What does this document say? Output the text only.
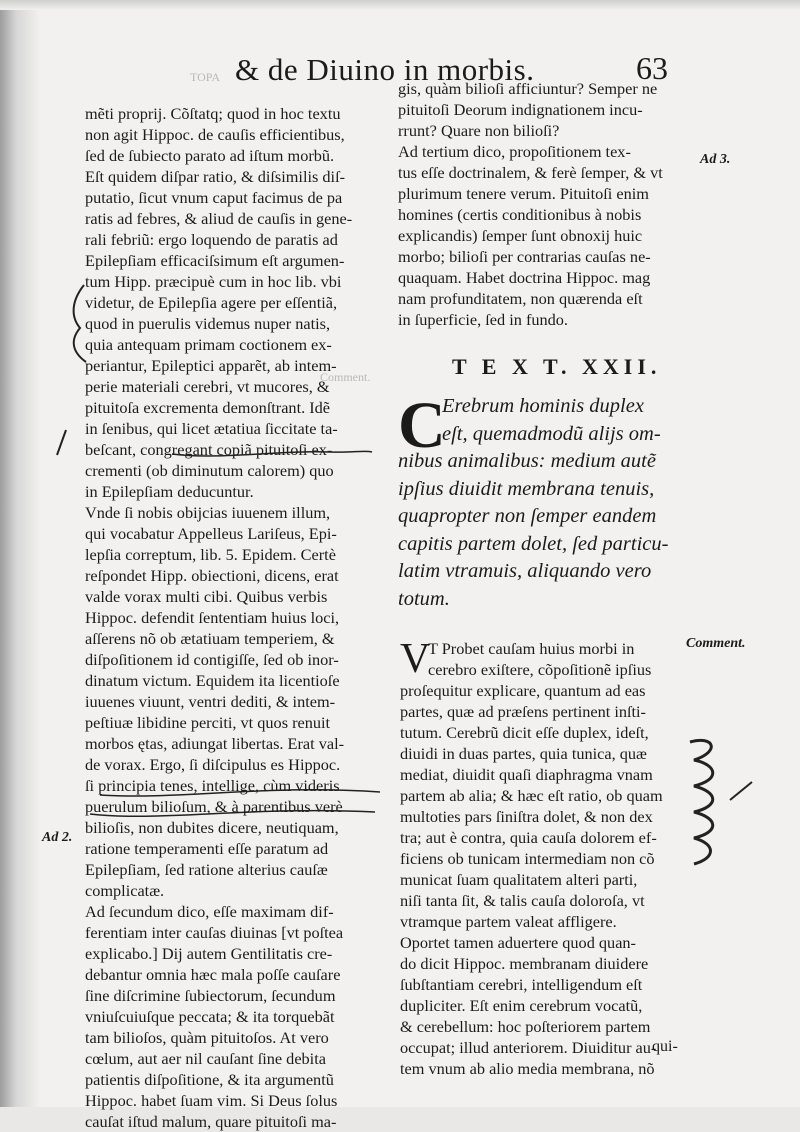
ΤΟΡΑ
Comment.
& de Diuino in morbis.	63
mẽti proprij. Cõſtatq; quod in hoc textu
non agit Hippoc. de cauſis efficientibus,
ſed de ſubiecto parato ad iſtum morbũ.
Eſt quidem diſpar ratio, & diſsimilis diſ-
putatio, ſicut vnum caput facimus de pa
ratis ad febres, & aliud de cauſis in gene-
rali febriũ: ergo loquendo de paratis ad
Epilepſiam efficaciſsimum eſt argumen-
tum Hipp. præcipuè cum in hoc lib. vbi
videtur, de Epilepſia agere per eſſentiã,
quod in puerulis videmus nuper natis,
quia antequam primam coctionem ex-
periantur, Epileptici apparẽt, ab intem-
perie materiali cerebri, vt mucores, &
pituitoſa excrementa demonſtrant. Idẽ
in ſenibus, qui licet ætatiua ſiccitate ta-
beſcant, congregant copiã pituitoſi ex-
crementi (ob diminutum calorem) quo
in Epilepſiam deducuntur.
Vnde ſi nobis obijcias iuuenem illum,
qui vocabatur Appelleus Lariſeus, Epi-
lepſia correptum, lib. 5. Epidem. Certè
reſpondet Hipp. obiectioni, dicens, erat
valde vorax multi cibi. Quibus verbis
Hippoc. defendit ſententiam huius loci,
aſſerens nõ ob ætatiuam temperiem, &
diſpoſitionem id contigiſſe, ſed ob inor-
dinatum victum. Equidem ita licentioſe
iuuenes viuunt, ventri dediti, & intem-
peſtiuæ libidine perciti, vt quos renuit
morbos ętas, adiungat libertas. Erat val-
de vorax. Ergo, ſi diſcipulus es Hippoc.
ſi principia tenes, intellige, cùm videris
puerulum bilioſum, & à parentibus verè
bilioſis, non dubites dicere, neutiquam,
ratione temperamenti eſſe paratum ad
Epilepſiam, ſed ratione alterius cauſæ
complicatæ.
Ad ſecundum dico, eſſe maximam dif-
ferentiam inter cauſas diuinas [vt poſtea
explicabo.] Dij autem Gentilitatis cre-
debantur omnia hæc mala poſſe cauſare
ſine diſcrimine ſubiectorum, ſecundum
vniuſcuiuſque peccata; & ita torquebãt
tam bilioſos, quàm pituitoſos. At vero
cœlum, aut aer nil cauſant ſine debita
patientis diſpoſitione, & ita argumentũ
Hippoc. habet ſuam vim. Si Deus ſolus
cauſat iſtud malum, quare pituitoſi ma-
gis, quàm bilioſi afficiuntur? Semper ne
pituitoſi Deorum indignationem incu-
rrunt? Quare non bilioſi?
Ad tertium dico, propoſitionem tex-
tus eſſe doctrinalem, & ferè ſemper, & vt
plurimum tenere verum. Pituitoſi enim
homines (certis conditionibus à nobis
explicandis) ſemper ſunt obnoxij huic
morbo; bilioſi per contrarias cauſas ne-
quaquam. Habet doctrina Hippoc. mag
nam profunditatem, non quærenda eſt
in ſuperficie, ſed in fundo.
T E X T. XXII.
C
Erebrum hominis duplex
eſt, quemadmodũ alijs om-
nibus animalibus: medium autẽ
ipſius diuidit membrana tenuis,
quapropter non ſemper eandem
capitis partem dolet, ſed particu-
latim vtramuis, aliquando vero
totum.
V
T Probet cauſam huius morbi in
cerebro exiſtere, cõpoſitionẽ ipſius
proſequitur explicare, quantum ad eas
partes, quæ ad præſens pertinent inſti-
tutum. Cerebrũ dicit eſſe duplex, ideſt,
diuidi in duas partes, quia tunica, quæ
mediat, diuidit quaſi diaphragma vnam
partem ab alia; & hæc eſt ratio, ob quam
multoties pars ſiniſtra dolet, & non dex
tra; aut è contra, quia cauſa dolorem ef-
ficiens ob tunicam intermediam non cõ
municat ſuam qualitatem alteri parti,
niſi tanta ſit, & talis cauſa doloroſa, vt
vtramque partem valeat affligere.
Oportet tamen aduertere quod quan-
do dicit Hippoc. membranam diuidere
ſubſtantiam cerebri, intelligendum eſt
dupliciter. Eſt enim cerebrum vocatũ,
& cerebellum: hoc poſteriorem partem
occupat; illud anteriorem. Diuiditur au-
tem vnum ab alio media membrana, nõ
qui-
Ad 3.
Ad 2.
Comment.
